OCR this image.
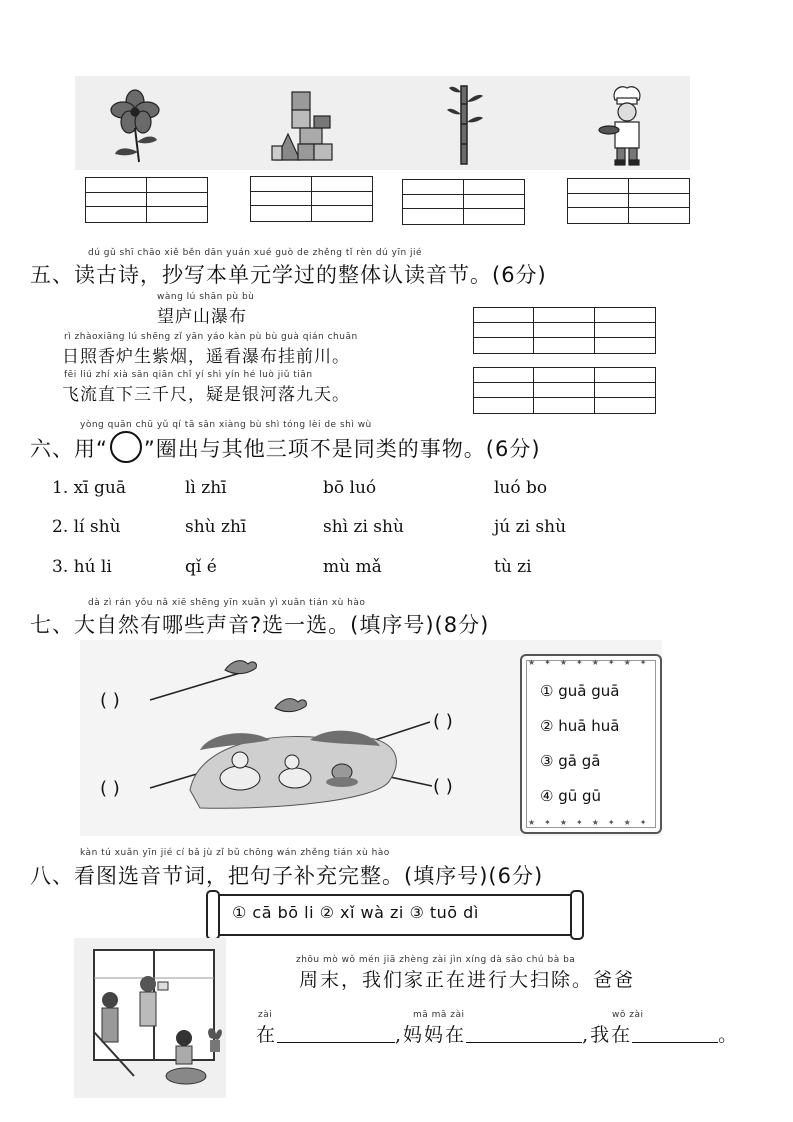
dú gǔ shī chāo xiě běn dān yuán xué guò de zhěng tǐ rèn dú yīn jié
五、读古诗，抄写本单元学过的整体认读音节。(6分)
wàng lú shān pù bù
望庐山瀑布
rì zhàoxiāng lú shēng zǐ yān yáo kàn pù bù guà qián chuān
日照香炉生紫烟，遥看瀑布挂前川。
fēi liú zhí xià sān qiān chǐ yí shì yín hé luò jiǔ tiān
飞流直下三千尺，疑是银河落九天。
yòng quān chū yǔ qí tā sān xiàng bù shì tóng lèi de shì wù
六、用“ ”圈出与其他三项不是同类的事物。(6分)
1. xī guā	lì zhī	bō luó	luó bo
2. lí shù	shù zhī	shì zi shù	jú zi shù
3. hú li	qǐ é	mù mǎ	tù zi
dà zì rán yǒu nǎ xiē shēng yīn xuǎn yì xuǎn tián xù hào
七、大自然有哪些声音?选一选。(填序号)(8分)
( )
( )
( )
( )
★✦★✦★✦★✦
① guā guā
② huā huā
③ gā gā
④ gū gū
★✦★✦★✦★✦
kàn tú xuǎn yīn jié cí bǎ jù zǐ bǔ chōng wán zhěng tián xù hào
八、看图选音节词，把句子补充完整。(填序号)(6分)
① cā bō li ② xǐ wà zi ③ tuō dì
zhōu mò wǒ mén jiā zhèng zài jìn xíng dà sǎo chú bà ba
周末，我们家正在进行大扫除。爸爸
zài	mā mā zài	wǒ zài
在	,妈妈在	,我在	。
